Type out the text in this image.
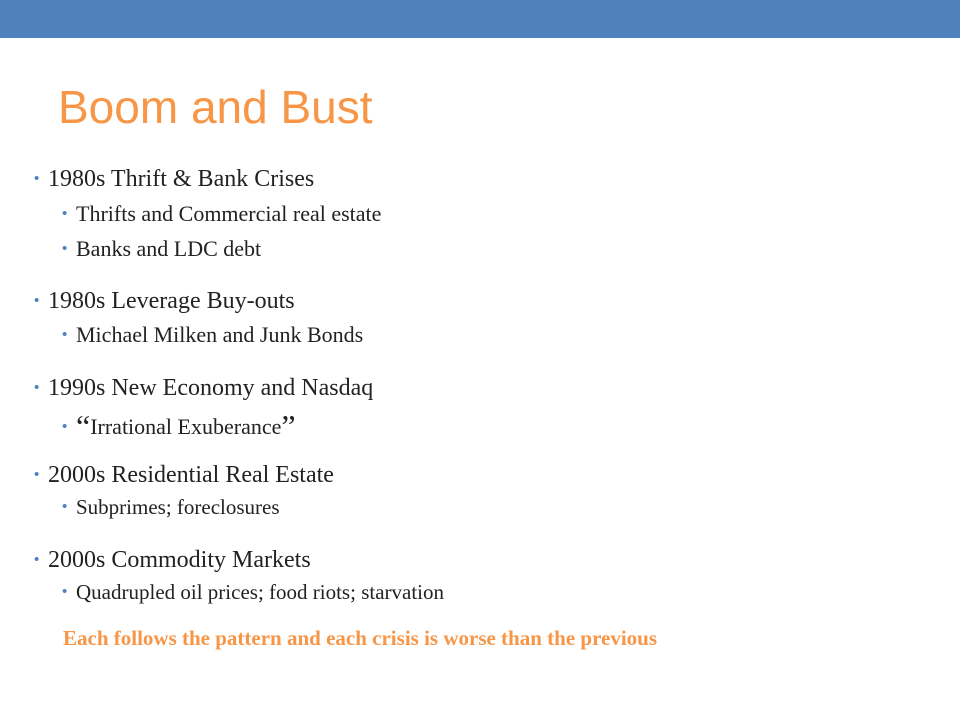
Boom and Bust
• 1980s Thrift & Bank Crises
• Thrifts and Commercial real estate
• Banks and LDC debt
• 1980s Leverage Buy-outs
• Michael Milken and Junk Bonds
• 1990s New Economy and Nasdaq
• “Irrational Exuberance”
• 2000s Residential Real Estate
• Subprimes; foreclosures
• 2000s Commodity Markets
• Quadrupled oil prices; food riots; starvation
Each follows the pattern and each crisis is worse than the previous
